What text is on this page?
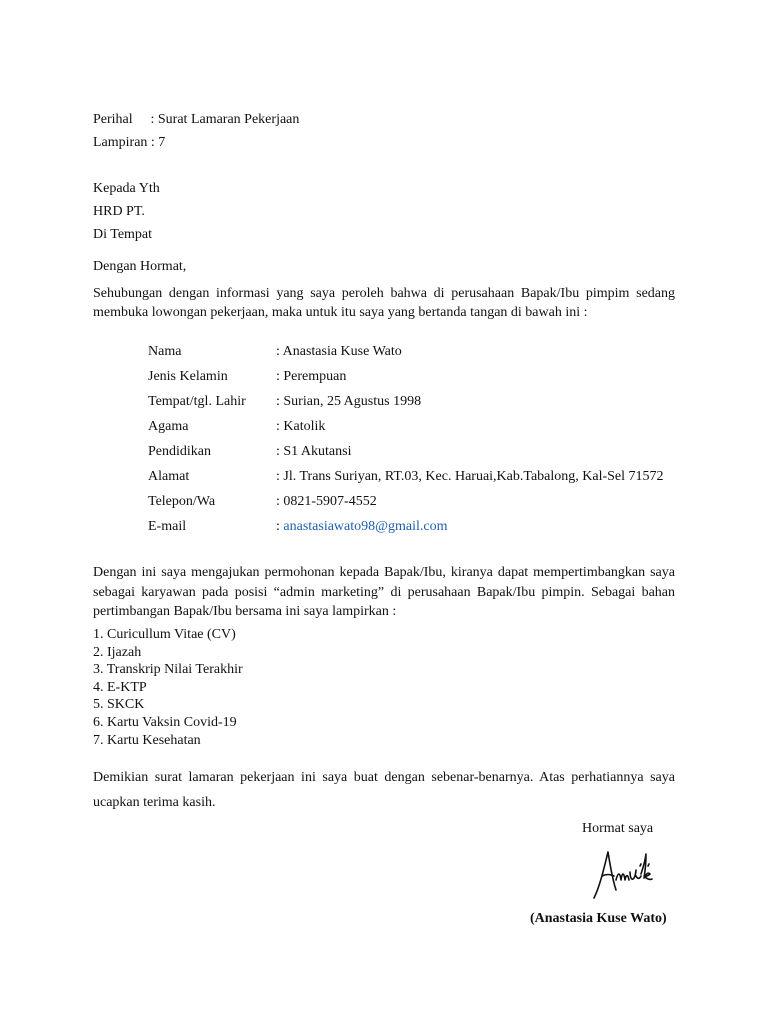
Perihal : Surat Lamaran Pekerjaan
Lampiran : 7
Kepada Yth
HRD PT.
Di Tempat
Dengan Hormat,
Sehubungan dengan informasi yang saya peroleh bahwa di perusahaan Bapak/Ibu pimpim sedang membuka lowongan pekerjaan, maka untuk itu saya yang bertanda tangan di bawah ini :
Nama	: Anastasia Kuse Wato
Jenis Kelamin	: Perempuan
Tempat/tgl. Lahir	: Surian, 25 Agustus 1998
Agama	: Katolik
Pendidikan	: S1 Akutansi
Alamat	: Jl. Trans Suriyan, RT.03, Kec. Haruai,Kab.Tabalong, Kal-Sel 71572
Telepon/Wa	: 0821-5907-4552
E-mail	: anastasiawato98@gmail.com
Dengan ini saya mengajukan permohonan kepada Bapak/Ibu, kiranya dapat mempertimbangkan saya sebagai karyawan pada posisi “admin marketing” di perusahaan Bapak/Ibu pimpin. Sebagai bahan pertimbangan Bapak/Ibu bersama ini saya lampirkan :
1. Curicullum Vitae (CV)
2. Ijazah
3. Transkrip Nilai Terakhir
4. E-KTP
5. SKCK
6. Kartu Vaksin Covid-19
7. Kartu Kesehatan
Demikian surat lamaran pekerjaan ini saya buat dengan sebenar-benarnya. Atas perhatiannya saya ucapkan terima kasih.
Hormat saya
(Anastasia Kuse Wato)
